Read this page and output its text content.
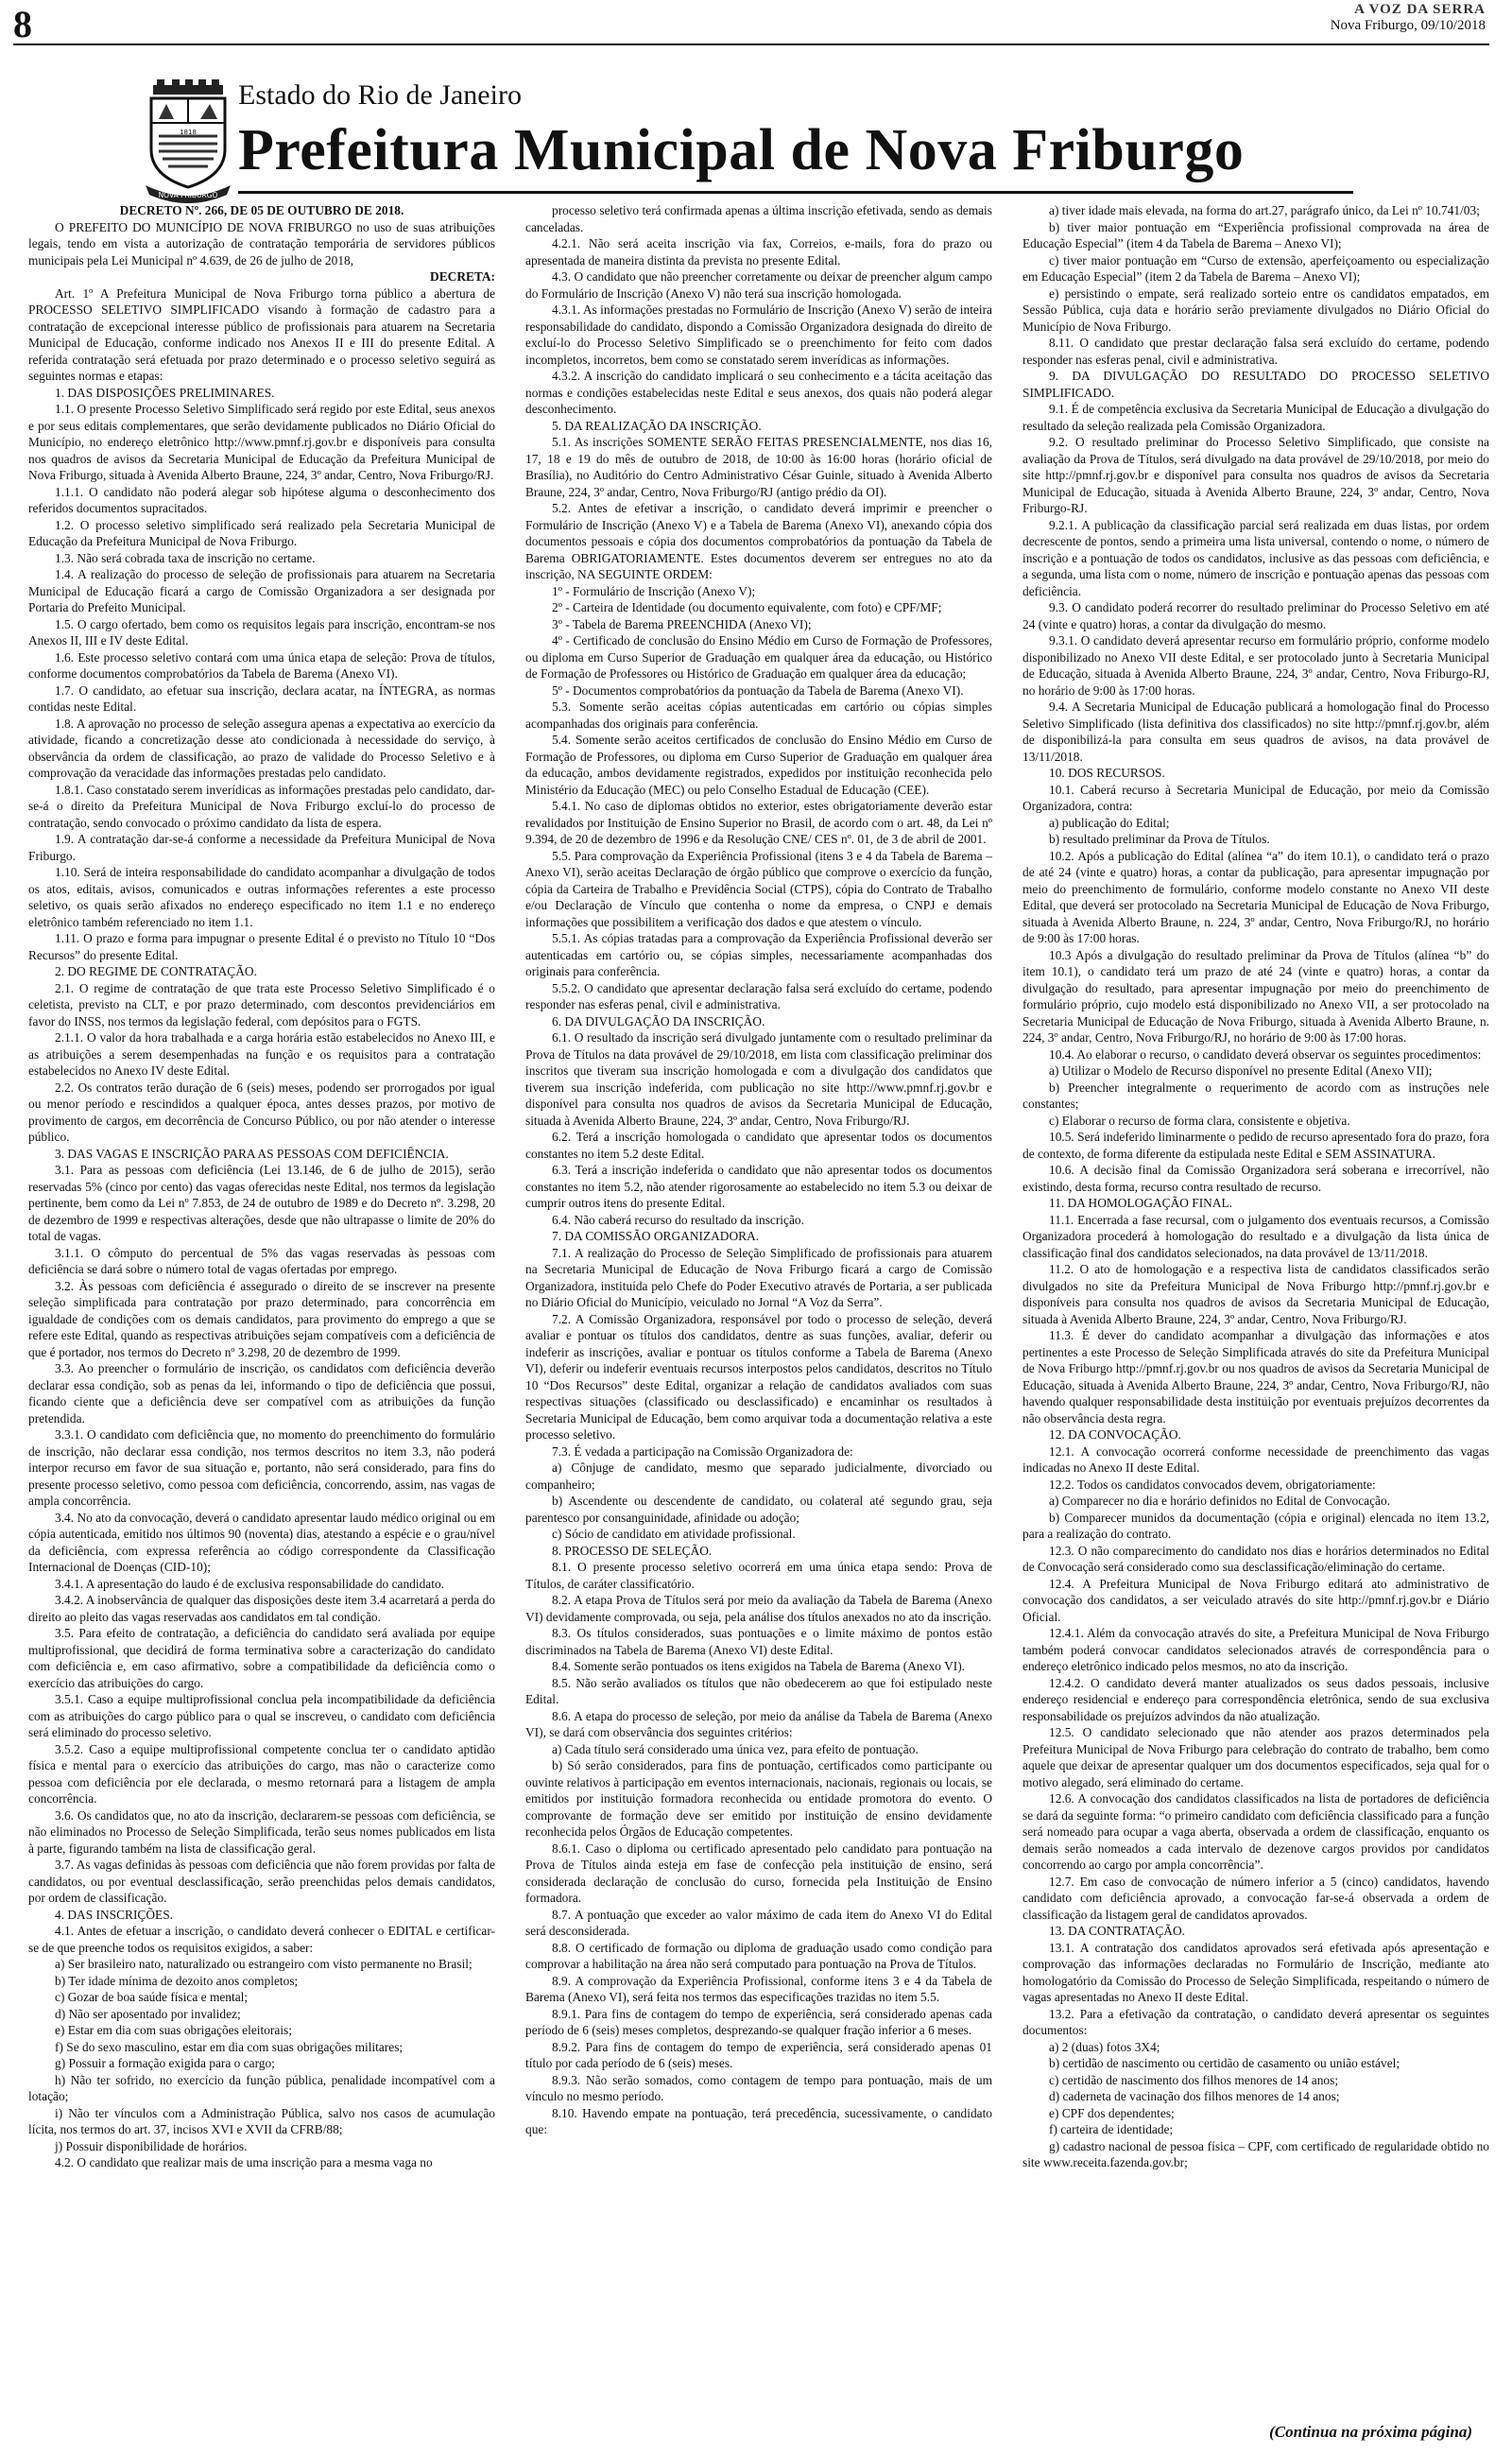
8	A VOZ DA SERRA
Nova Friburgo, 09/10/2018
NOVA FRIBURGO
1818
Estado do Rio de Janeiro
Prefeitura Municipal de Nova Friburgo

DECRETO Nº. 266, DE 05 DE OUTUBRO DE 2018.

O PREFEITO DO MUNICÍPIO DE NOVA FRIBURGO no uso de suas atribuições legais, tendo em vista a autorização de contratação temporária de servidores públicos municipais pela Lei Municipal nº 4.639, de 26 de julho de 2018,

DECRETA:

Art. 1º A Prefeitura Municipal de Nova Friburgo torna público a abertura de PROCESSO SELETIVO SIMPLIFICADO visando à formação de cadastro para a contratação de excepcional interesse público de profissionais para atuarem na Secretaria Municipal de Educação, conforme indicado nos Anexos II e III do presente Edital. A referida contratação será efetuada por prazo determinado e o processo seletivo seguirá as seguintes normas e etapas:

1. DAS DISPOSIÇÕES PRELIMINARES.

1.1. O presente Processo Seletivo Simplificado será regido por este Edital, seus anexos e por seus editais complementares, que serão devidamente publicados no Diário Oficial do Município, no endereço eletrônico http://www.pmnf.rj.gov.br e disponíveis para consulta nos quadros de avisos da Secretaria Municipal de Educação da Prefeitura Municipal de Nova Friburgo, situada à Avenida Alberto Braune, 224, 3º andar, Centro, Nova Friburgo/RJ.

1.1.1. O candidato não poderá alegar sob hipótese alguma o desconhecimento dos referidos documentos supracitados.

1.2. O processo seletivo simplificado será realizado pela Secretaria Municipal de Educação da Prefeitura Municipal de Nova Friburgo.

1.3. Não será cobrada taxa de inscrição no certame.

1.4. A realização do processo de seleção de profissionais para atuarem na Secretaria Municipal de Educação ficará a cargo de Comissão Organizadora a ser designada por Portaria do Prefeito Municipal.

1.5. O cargo ofertado, bem como os requisitos legais para inscrição, encontram-se nos Anexos II, III e IV deste Edital.

1.6. Este processo seletivo contará com uma única etapa de seleção: Prova de títulos, conforme documentos comprobatórios da Tabela de Barema (Anexo VI).

1.7. O candidato, ao efetuar sua inscrição, declara acatar, na ÍNTEGRA, as normas contidas neste Edital.

1.8. A aprovação no processo de seleção assegura apenas a expectativa ao exercício da atividade, ficando a concretização desse ato condicionada à necessidade do serviço, à observância da ordem de classificação, ao prazo de validade do Processo Seletivo e à comprovação da veracidade das informações prestadas pelo candidato.

1.8.1. Caso constatado serem inverídicas as informações prestadas pelo candidato, dar-se-á o direito da Prefeitura Municipal de Nova Friburgo excluí-lo do processo de contratação, sendo convocado o próximo candidato da lista de espera.

1.9. A contratação dar-se-á conforme a necessidade da Prefeitura Municipal de Nova Friburgo.

1.10. Será de inteira responsabilidade do candidato acompanhar a divulgação de todos os atos, editais, avisos, comunicados e outras informações referentes a este processo seletivo, os quais serão afixados no endereço especificado no item 1.1 e no endereço eletrônico também referenciado no item 1.1.

1.11. O prazo e forma para impugnar o presente Edital é o previsto no Título 10 “Dos Recursos” do presente Edital.

2. DO REGIME DE CONTRATAÇÃO.

2.1. O regime de contratação de que trata este Processo Seletivo Simplificado é o celetista, previsto na CLT, e por prazo determinado, com descontos previdenciários em favor do INSS, nos termos da legislação federal, com depósitos para o FGTS.

2.1.1. O valor da hora trabalhada e a carga horária estão estabelecidos no Anexo III, e as atribuições a serem desempenhadas na função e os requisitos para a contratação estabelecidos no Anexo IV deste Edital.

2.2. Os contratos terão duração de 6 (seis) meses, podendo ser prorrogados por igual ou menor período e rescindidos a qualquer época, antes desses prazos, por motivo de provimento de cargos, em decorrência de Concurso Público, ou por não atender o interesse público.

3. DAS VAGAS E INSCRIÇÃO PARA AS PESSOAS COM DEFICIÊNCIA.

3.1. Para as pessoas com deficiência (Lei 13.146, de 6 de julho de 2015), serão reservadas 5% (cinco por cento) das vagas oferecidas neste Edital, nos termos da legislação pertinente, bem como da Lei nº 7.853, de 24 de outubro de 1989 e do Decreto nº. 3.298, 20 de dezembro de 1999 e respectivas alterações, desde que não ultrapasse o limite de 20% do total de vagas.

3.1.1. O cômputo do percentual de 5% das vagas reservadas às pessoas com deficiência se dará sobre o número total de vagas ofertadas por emprego.

3.2. Às pessoas com deficiência é assegurado o direito de se inscrever na presente seleção simplificada para contratação por prazo determinado, para concorrência em igualdade de condições com os demais candidatos, para provimento do emprego a que se refere este Edital, quando as respectivas atribuições sejam compatíveis com a deficiência de que é portador, nos termos do Decreto nº 3.298, 20 de dezembro de 1999.

3.3. Ao preencher o formulário de inscrição, os candidatos com deficiência deverão declarar essa condição, sob as penas da lei, informando o tipo de deficiência que possui, ficando ciente que a deficiência deve ser compatível com as atribuições da função pretendida.

3.3.1. O candidato com deficiência que, no momento do preenchimento do formulário de inscrição, não declarar essa condição, nos termos descritos no item 3.3, não poderá interpor recurso em favor de sua situação e, portanto, não será considerado, para fins do presente processo seletivo, como pessoa com deficiência, concorrendo, assim, nas vagas de ampla concorrência.

3.4. No ato da convocação, deverá o candidato apresentar laudo médico original ou em cópia autenticada, emitido nos últimos 90 (noventa) dias, atestando a espécie e o grau/nível da deficiência, com expressa referência ao código correspondente da Classificação Internacional de Doenças (CID-10);

3.4.1. A apresentação do laudo é de exclusiva responsabilidade do candidato.

3.4.2. A inobservância de qualquer das disposições deste item 3.4 acarretará a perda do direito ao pleito das vagas reservadas aos candidatos em tal condição.

3.5. Para efeito de contratação, a deficiência do candidato será avaliada por equipe multiprofissional, que decidirá de forma terminativa sobre a caracterização do candidato com deficiência e, em caso afirmativo, sobre a compatibilidade da deficiência como o exercício das atribuições do cargo.

3.5.1. Caso a equipe multiprofissional conclua pela incompatibilidade da deficiência com as atribuições do cargo público para o qual se inscreveu, o candidato com deficiência será eliminado do processo seletivo.

3.5.2. Caso a equipe multiprofissional competente conclua ter o candidato aptidão física e mental para o exercício das atribuições do cargo, mas não o caracterize como pessoa com deficiência por ele declarada, o mesmo retornará para a listagem de ampla concorrência.

3.6. Os candidatos que, no ato da inscrição, declararem-se pessoas com deficiência, se não eliminados no Processo de Seleção Simplificada, terão seus nomes publicados em lista à parte, figurando também na lista de classificação geral.

3.7. As vagas definidas às pessoas com deficiência que não forem providas por falta de candidatos, ou por eventual desclassificação, serão preenchidas pelos demais candidatos, por ordem de classificação.

4. DAS INSCRIÇÕES.

4.1. Antes de efetuar a inscrição, o candidato deverá conhecer o EDITAL e certificar-se de que preenche todos os requisitos exigidos, a saber:

a) Ser brasileiro nato, naturalizado ou estrangeiro com visto permanente no Brasil;

b) Ter idade mínima de dezoito anos completos;

c) Gozar de boa saúde física e mental;

d) Não ser aposentado por invalidez;

e) Estar em dia com suas obrigações eleitorais;

f) Se do sexo masculino, estar em dia com suas obrigações militares;

g) Possuir a formação exigida para o cargo;

h) Não ter sofrido, no exercício da função pública, penalidade incompatível com a lotação;

i) Não ter vínculos com a Administração Pública, salvo nos casos de acumulação lícita, nos termos do art. 37, incisos XVI e XVII da CFRB/88;

j) Possuir disponibilidade de horários.

4.2. O candidato que realizar mais de uma inscrição para a mesma vaga no

processo seletivo terá confirmada apenas a última inscrição efetivada, sendo as demais canceladas.

4.2.1. Não será aceita inscrição via fax, Correios, e-mails, fora do prazo ou apresentada de maneira distinta da prevista no presente Edital.

4.3. O candidato que não preencher corretamente ou deixar de preencher algum campo do Formulário de Inscrição (Anexo V) não terá sua inscrição homologada.

4.3.1. As informações prestadas no Formulário de Inscrição (Anexo V) serão de inteira responsabilidade do candidato, dispondo a Comissão Organizadora designada do direito de excluí-lo do Processo Seletivo Simplificado se o preenchimento for feito com dados incompletos, incorretos, bem como se constatado serem inverídicas as informações.

4.3.2. A inscrição do candidato implicará o seu conhecimento e a tácita aceitação das normas e condições estabelecidas neste Edital e seus anexos, dos quais não poderá alegar desconhecimento.

5. DA REALIZAÇÃO DA INSCRIÇÃO.

5.1. As inscrições SOMENTE SERÃO FEITAS PRESENCIALMENTE, nos dias 16, 17, 18 e 19 do mês de outubro de 2018, de 10:00 às 16:00 horas (horário oficial de Brasília), no Auditório do Centro Administrativo César Guinle, situado à Avenida Alberto Braune, 224, 3º andar, Centro, Nova Friburgo/RJ (antigo prédio da OI).

5.2. Antes de efetivar a inscrição, o candidato deverá imprimir e preencher o Formulário de Inscrição (Anexo V) e a Tabela de Barema (Anexo VI), anexando cópia dos documentos pessoais e cópia dos documentos comprobatórios da pontuação da Tabela de Barema OBRIGATORIAMENTE. Estes documentos deverem ser entregues no ato da inscrição, NA SEGUINTE ORDEM:

1º - Formulário de Inscrição (Anexo V);

2º - Carteira de Identidade (ou documento equivalente, com foto) e CPF/MF;

3º - Tabela de Barema PREENCHIDA (Anexo VI);

4º - Certificado de conclusão do Ensino Médio em Curso de Formação de Professores, ou diploma em Curso Superior de Graduação em qualquer área da educação, ou Histórico de Formação de Professores ou Histórico de Graduação em qualquer área da educação;

5º - Documentos comprobatórios da pontuação da Tabela de Barema (Anexo VI).

5.3. Somente serão aceitas cópias autenticadas em cartório ou cópias simples acompanhadas dos originais para conferência.

5.4. Somente serão aceitos certificados de conclusão do Ensino Médio em Curso de Formação de Professores, ou diploma em Curso Superior de Graduação em qualquer área da educação, ambos devidamente registrados, expedidos por instituição reconhecida pelo Ministério da Educação (MEC) ou pelo Conselho Estadual de Educação (CEE).

5.4.1. No caso de diplomas obtidos no exterior, estes obrigatoriamente deverão estar revalidados por Instituição de Ensino Superior no Brasil, de acordo com o art. 48, da Lei nº 9.394, de 20 de dezembro de 1996 e da Resolução CNE/ CES nº. 01, de 3 de abril de 2001.

5.5. Para comprovação da Experiência Profissional (itens 3 e 4 da Tabela de Barema – Anexo VI), serão aceitas Declaração de órgão público que comprove o exercício da função, cópia da Carteira de Trabalho e Previdência Social (CTPS), cópia do Contrato de Trabalho e/ou Declaração de Vínculo que contenha o nome da empresa, o CNPJ e demais informações que possibilitem a verificação dos dados e que atestem o vínculo.

5.5.1. As cópias tratadas para a comprovação da Experiência Profissional deverão ser autenticadas em cartório ou, se cópias simples, necessariamente acompanhadas dos originais para conferência.

5.5.2. O candidato que apresentar declaração falsa será excluído do certame, podendo responder nas esferas penal, civil e administrativa.

6. DA DIVULGAÇÃO DA INSCRIÇÃO.

6.1. O resultado da inscrição será divulgado juntamente com o resultado preliminar da Prova de Títulos na data provável de 29/10/2018, em lista com classificação preliminar dos inscritos que tiveram sua inscrição homologada e com a divulgação dos candidatos que tiverem sua inscrição indeferida, com publicação no site http://www.pmnf.rj.gov.br e disponível para consulta nos quadros de avisos da Secretaria Municipal de Educação, situada à Avenida Alberto Braune, 224, 3º andar, Centro, Nova Friburgo/RJ.

6.2. Terá a inscrição homologada o candidato que apresentar todos os documentos constantes no item 5.2 deste Edital.

6.3. Terá a inscrição indeferida o candidato que não apresentar todos os documentos constantes no item 5.2, não atender rigorosamente ao estabelecido no item 5.3 ou deixar de cumprir outros itens do presente Edital.

6.4. Não caberá recurso do resultado da inscrição.

7. DA COMISSÃO ORGANIZADORA.

7.1. A realização do Processo de Seleção Simplificado de profissionais para atuarem na Secretaria Municipal de Educação de Nova Friburgo ficará a cargo de Comissão Organizadora, instituída pelo Chefe do Poder Executivo através de Portaria, a ser publicada no Diário Oficial do Município, veiculado no Jornal “A Voz da Serra”.

7.2. A Comissão Organizadora, responsável por todo o processo de seleção, deverá avaliar e pontuar os títulos dos candidatos, dentre as suas funções, avaliar, deferir ou indeferir as inscrições, avaliar e pontuar os títulos conforme a Tabela de Barema (Anexo VI), deferir ou indeferir eventuais recursos interpostos pelos candidatos, descritos no Título 10 “Dos Recursos” deste Edital, organizar a relação de candidatos avaliados com suas respectivas situações (classificado ou desclassificado) e encaminhar os resultados à Secretaria Municipal de Educação, bem como arquivar toda a documentação relativa a este processo seletivo.

7.3. É vedada a participação na Comissão Organizadora de:

a) Cônjuge de candidato, mesmo que separado judicialmente, divorciado ou companheiro;

b) Ascendente ou descendente de candidato, ou colateral até segundo grau, seja parentesco por consanguinidade, afinidade ou adoção;

c) Sócio de candidato em atividade profissional.

8. PROCESSO DE SELEÇÃO.

8.1. O presente processo seletivo ocorrerá em uma única etapa sendo: Prova de Títulos, de caráter classificatório.

8.2. A etapa Prova de Títulos será por meio da avaliação da Tabela de Barema (Anexo VI) devidamente comprovada, ou seja, pela análise dos títulos anexados no ato da inscrição.

8.3. Os títulos considerados, suas pontuações e o limite máximo de pontos estão discriminados na Tabela de Barema (Anexo VI) deste Edital.

8.4. Somente serão pontuados os itens exigidos na Tabela de Barema (Anexo VI).

8.5. Não serão avaliados os títulos que não obedecerem ao que foi estipulado neste Edital.

8.6. A etapa do processo de seleção, por meio da análise da Tabela de Barema (Anexo VI), se dará com observância dos seguintes critérios:

a) Cada título será considerado uma única vez, para efeito de pontuação.

b) Só serão considerados, para fins de pontuação, certificados como participante ou ouvinte relativos à participação em eventos internacionais, nacionais, regionais ou locais, se emitidos por instituição formadora reconhecida ou entidade promotora do evento. O comprovante de formação deve ser emitido por instituição de ensino devidamente reconhecida pelos Órgãos de Educação competentes.

8.6.1. Caso o diploma ou certificado apresentado pelo candidato para pontuação na Prova de Títulos ainda esteja em fase de confecção pela instituição de ensino, será considerada declaração de conclusão do curso, fornecida pela Instituição de Ensino formadora.

8.7. A pontuação que exceder ao valor máximo de cada item do Anexo VI do Edital será desconsiderada.

8.8. O certificado de formação ou diploma de graduação usado como condição para comprovar a habilitação na área não será computado para pontuação na Prova de Títulos.

8.9. A comprovação da Experiência Profissional, conforme itens 3 e 4 da Tabela de Barema (Anexo VI), será feita nos termos das especificações trazidas no item 5.5.

8.9.1. Para fins de contagem do tempo de experiência, será considerado apenas cada período de 6 (seis) meses completos, desprezando-se qualquer fração inferior a 6 meses.

8.9.2. Para fins de contagem do tempo de experiência, será considerado apenas 01 título por cada período de 6 (seis) meses.

8.9.3. Não serão somados, como contagem de tempo para pontuação, mais de um vínculo no mesmo período.

8.10. Havendo empate na pontuação, terá precedência, sucessivamente, o candidato que:

a) tiver idade mais elevada, na forma do art.27, parágrafo único, da Lei nº 10.741/03;

b) tiver maior pontuação em “Experiência profissional comprovada na área de Educação Especial” (item 4 da Tabela de Barema – Anexo VI);

c) tiver maior pontuação em “Curso de extensão, aperfeiçoamento ou especialização em Educação Especial” (item 2 da Tabela de Barema – Anexo VI);

e) persistindo o empate, será realizado sorteio entre os candidatos empatados, em Sessão Pública, cuja data e horário serão previamente divulgados no Diário Oficial do Município de Nova Friburgo.

8.11. O candidato que prestar declaração falsa será excluído do certame, podendo responder nas esferas penal, civil e administrativa.

9. DA DIVULGAÇÃO DO RESULTADO DO PROCESSO SELETIVO SIMPLIFICADO.

9.1. É de competência exclusiva da Secretaria Municipal de Educação a divulgação do resultado da seleção realizada pela Comissão Organizadora.

9.2. O resultado preliminar do Processo Seletivo Simplificado, que consiste na avaliação da Prova de Títulos, será divulgado na data provável de 29/10/2018, por meio do site http://pmnf.rj.gov.br e disponível para consulta nos quadros de avisos da Secretaria Municipal de Educação, situada à Avenida Alberto Braune, 224, 3º andar, Centro, Nova Friburgo-RJ.

9.2.1. A publicação da classificação parcial será realizada em duas listas, por ordem decrescente de pontos, sendo a primeira uma lista universal, contendo o nome, o número de inscrição e a pontuação de todos os candidatos, inclusive as das pessoas com deficiência, e a segunda, uma lista com o nome, número de inscrição e pontuação apenas das pessoas com deficiência.

9.3. O candidato poderá recorrer do resultado preliminar do Processo Seletivo em até 24 (vinte e quatro) horas, a contar da divulgação do mesmo.

9.3.1. O candidato deverá apresentar recurso em formulário próprio, conforme modelo disponibilizado no Anexo VII deste Edital, e ser protocolado junto à Secretaria Municipal de Educação, situada à Avenida Alberto Braune, 224, 3º andar, Centro, Nova Friburgo-RJ, no horário de 9:00 às 17:00 horas.

9.4. A Secretaria Municipal de Educação publicará a homologação final do Processo Seletivo Simplificado (lista definitiva dos classificados) no site http://pmnf.rj.gov.br, além de disponibilizá-la para consulta em seus quadros de avisos, na data provável de 13/11/2018.

10. DOS RECURSOS.

10.1. Caberá recurso à Secretaria Municipal de Educação, por meio da Comissão Organizadora, contra:

a) publicação do Edital;

b) resultado preliminar da Prova de Títulos.

10.2. Após a publicação do Edital (alínea “a” do item 10.1), o candidato terá o prazo de até 24 (vinte e quatro) horas, a contar da publicação, para apresentar impugnação por meio do preenchimento de formulário, conforme modelo constante no Anexo VII deste Edital, que deverá ser protocolado na Secretaria Municipal de Educação de Nova Friburgo, situada à Avenida Alberto Braune, n. 224, 3º andar, Centro, Nova Friburgo/RJ, no horário de 9:00 às 17:00 horas.

10.3 Após a divulgação do resultado preliminar da Prova de Títulos (alínea “b” do item 10.1), o candidato terá um prazo de até 24 (vinte e quatro) horas, a contar da divulgação do resultado, para apresentar impugnação por meio do preenchimento de formulário próprio, cujo modelo está disponibilizado no Anexo VII, a ser protocolado na Secretaria Municipal de Educação de Nova Friburgo, situada à Avenida Alberto Braune, n. 224, 3º andar, Centro, Nova Friburgo/RJ, no horário de 9:00 às 17:00 horas.

10.4. Ao elaborar o recurso, o candidato deverá observar os seguintes procedimentos:

a) Utilizar o Modelo de Recurso disponível no presente Edital (Anexo VII);

b) Preencher integralmente o requerimento de acordo com as instruções nele constantes;

c) Elaborar o recurso de forma clara, consistente e objetiva.

10.5. Será indeferido liminarmente o pedido de recurso apresentado fora do prazo, fora de contexto, de forma diferente da estipulada neste Edital e SEM ASSINATURA.

10.6. A decisão final da Comissão Organizadora será soberana e irrecorrível, não existindo, desta forma, recurso contra resultado de recurso.

11. DA HOMOLOGAÇÃO FINAL.

11.1. Encerrada a fase recursal, com o julgamento dos eventuais recursos, a Comissão Organizadora procederá à homologação do resultado e a divulgação da lista única de classificação final dos candidatos selecionados, na data provável de 13/11/2018.

11.2. O ato de homologação e a respectiva lista de candidatos classificados serão divulgados no site da Prefeitura Municipal de Nova Friburgo http://pmnf.rj.gov.br e disponíveis para consulta nos quadros de avisos da Secretaria Municipal de Educação, situada à Avenida Alberto Braune, 224, 3º andar, Centro, Nova Friburgo/RJ.

11.3. É dever do candidato acompanhar a divulgação das informações e atos pertinentes a este Processo de Seleção Simplificada através do site da Prefeitura Municipal de Nova Friburgo http://pmnf.rj.gov.br ou nos quadros de avisos da Secretaria Municipal de Educação, situada à Avenida Alberto Braune, 224, 3º andar, Centro, Nova Friburgo/RJ, não havendo qualquer responsabilidade desta instituição por eventuais prejuízos decorrentes da não observância desta regra.

12. DA CONVOCAÇÃO.

12.1. A convocação ocorrerá conforme necessidade de preenchimento das vagas indicadas no Anexo II deste Edital.

12.2. Todos os candidatos convocados devem, obrigatoriamente:

a) Comparecer no dia e horário definidos no Edital de Convocação.

b) Comparecer munidos da documentação (cópia e original) elencada no item 13.2, para a realização do contrato.

12.3. O não comparecimento do candidato nos dias e horários determinados no Edital de Convocação será considerado como sua desclassificação/eliminação do certame.

12.4. A Prefeitura Municipal de Nova Friburgo editará ato administrativo de convocação dos candidatos, a ser veiculado através do site http://pmnf.rj.gov.br e Diário Oficial.

12.4.1. Além da convocação através do site, a Prefeitura Municipal de Nova Friburgo também poderá convocar candidatos selecionados através de correspondência para o endereço eletrônico indicado pelos mesmos, no ato da inscrição.

12.4.2. O candidato deverá manter atualizados os seus dados pessoais, inclusive endereço residencial e endereço para correspondência eletrônica, sendo de sua exclusiva responsabilidade os prejuízos advindos da não atualização.

12.5. O candidato selecionado que não atender aos prazos determinados pela Prefeitura Municipal de Nova Friburgo para celebração do contrato de trabalho, bem como aquele que deixar de apresentar qualquer um dos documentos especificados, seja qual for o motivo alegado, será eliminado do certame.

12.6. A convocação dos candidatos classificados na lista de portadores de deficiência se dará da seguinte forma: “o primeiro candidato com deficiência classificado para a função será nomeado para ocupar a vaga aberta, observada a ordem de classificação, enquanto os demais serão nomeados a cada intervalo de dezenove cargos providos por candidatos concorrendo ao cargo por ampla concorrência”.

12.7. Em caso de convocação de número inferior a 5 (cinco) candidatos, havendo candidato com deficiência aprovado, a convocação far-se-á observada a ordem de classificação da listagem geral de candidatos aprovados.

13. DA CONTRATAÇÃO.

13.1. A contratação dos candidatos aprovados será efetivada após apresentação e comprovação das informações declaradas no Formulário de Inscrição, mediante ato homologatório da Comissão do Processo de Seleção Simplificada, respeitando o número de vagas apresentadas no Anexo II deste Edital.

13.2. Para a efetivação da contratação, o candidato deverá apresentar os seguintes documentos:

a) 2 (duas) fotos 3X4;

b) certidão de nascimento ou certidão de casamento ou união estável;

c) certidão de nascimento dos filhos menores de 14 anos;

d) caderneta de vacinação dos filhos menores de 14 anos;

e) CPF dos dependentes;

f) carteira de identidade;

g) cadastro nacional de pessoa física – CPF, com certificado de regularidade obtido no site www.receita.fazenda.gov.br;

(Continua na próxima página)
